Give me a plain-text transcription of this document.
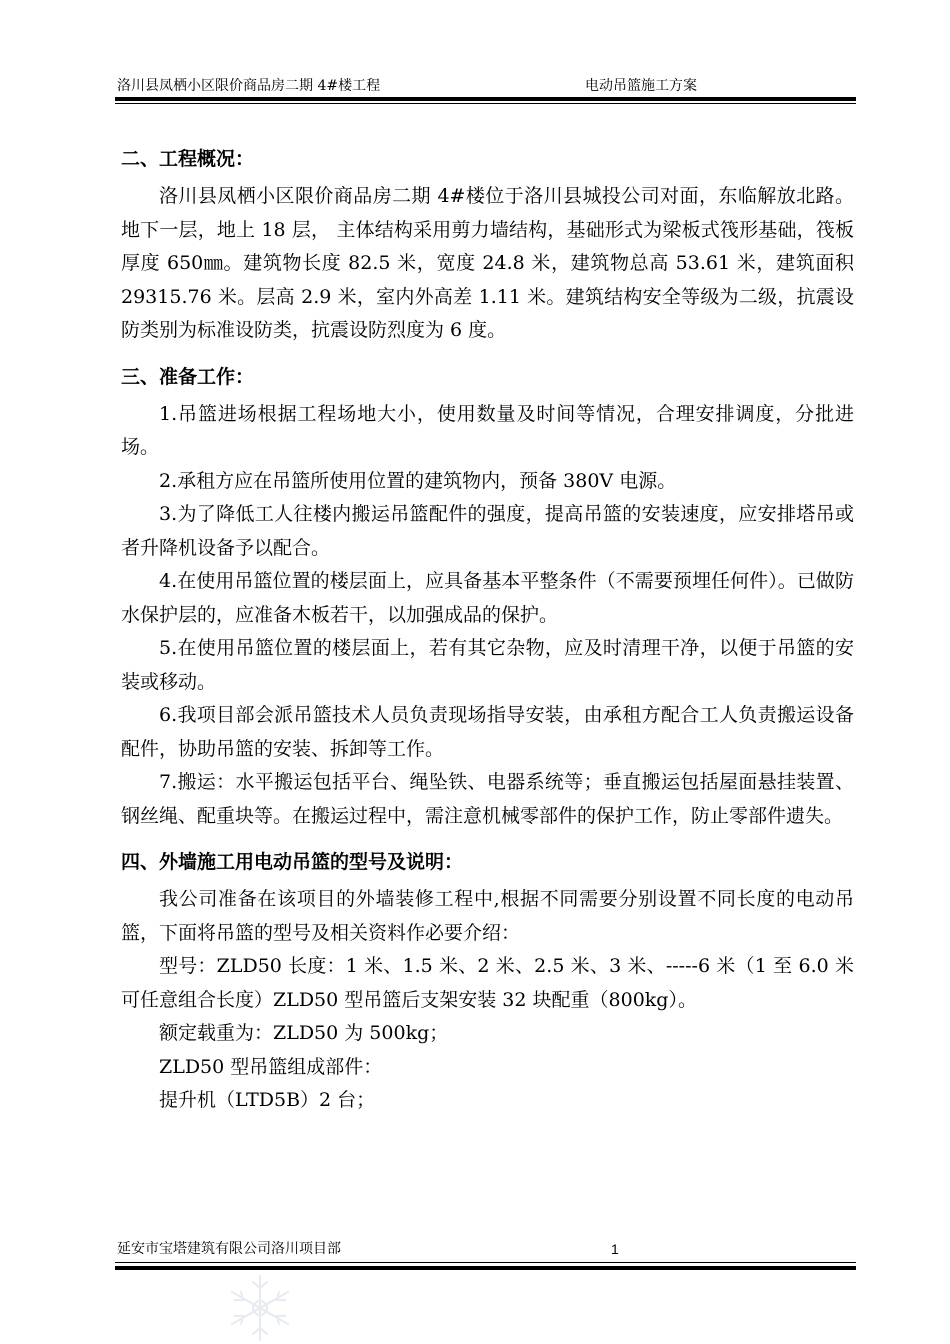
洛川县凤栖小区限价商品房二期 4#楼工程	电动吊篮施工方案
二、工程概况：

洛川县凤栖小区限价商品房二期 4#楼位于洛川县城投公司对面，东临解放北路。地下一层，地上 18 层， 主体结构采用剪力墙结构，基础形式为梁板式筏形基础，筏板厚度 650㎜。建筑物长度 82.5 米，宽度 24.8 米，建筑物总高 53.61 米，建筑面积 29315.76 米。层高 2.9 米，室内外高差 1.11 米。建筑结构安全等级为二级，抗震设防类别为标准设防类，抗震设防烈度为 6 度。

三、准备工作：

1.吊篮进场根据工程场地大小，使用数量及时间等情况，合理安排调度，分批进场。

2.承租方应在吊篮所使用位置的建筑物内，预备 380V 电源。

3.为了降低工人往楼内搬运吊篮配件的强度，提高吊篮的安装速度，应安排塔吊或者升降机设备予以配合。

4.在使用吊篮位置的楼层面上，应具备基本平整条件（不需要预埋任何件）。已做防水保护层的，应准备木板若干，以加强成品的保护。

5.在使用吊篮位置的楼层面上，若有其它杂物，应及时清理干净，以便于吊篮的安装或移动。

6.我项目部会派吊篮技术人员负责现场指导安装，由承租方配合工人负责搬运设备配件，协助吊篮的安装、拆卸等工作。

7.搬运：水平搬运包括平台、绳坠铁、电器系统等；垂直搬运包括屋面悬挂装置、钢丝绳、配重块等。在搬运过程中，需注意机械零部件的保护工作，防止零部件遗失。

四、外墙施工用电动吊篮的型号及说明：

我公司准备在该项目的外墙装修工程中,根据不同需要分别设置不同长度的电动吊篮，下面将吊篮的型号及相关资料作必要介绍：

型号：ZLD50 长度：1 米、1.5 米、2 米、2.5 米、3 米、-----6 米（1 至 6.0 米可任意组合长度）ZLD50 型吊篮后支架安装 32 块配重（800kg）。

额定载重为：ZLD50 为 500kg；

ZLD50 型吊篮组成部件：

提升机（LTD5B）2 台；

延安市宝塔建筑有限公司洛川项目部	1
